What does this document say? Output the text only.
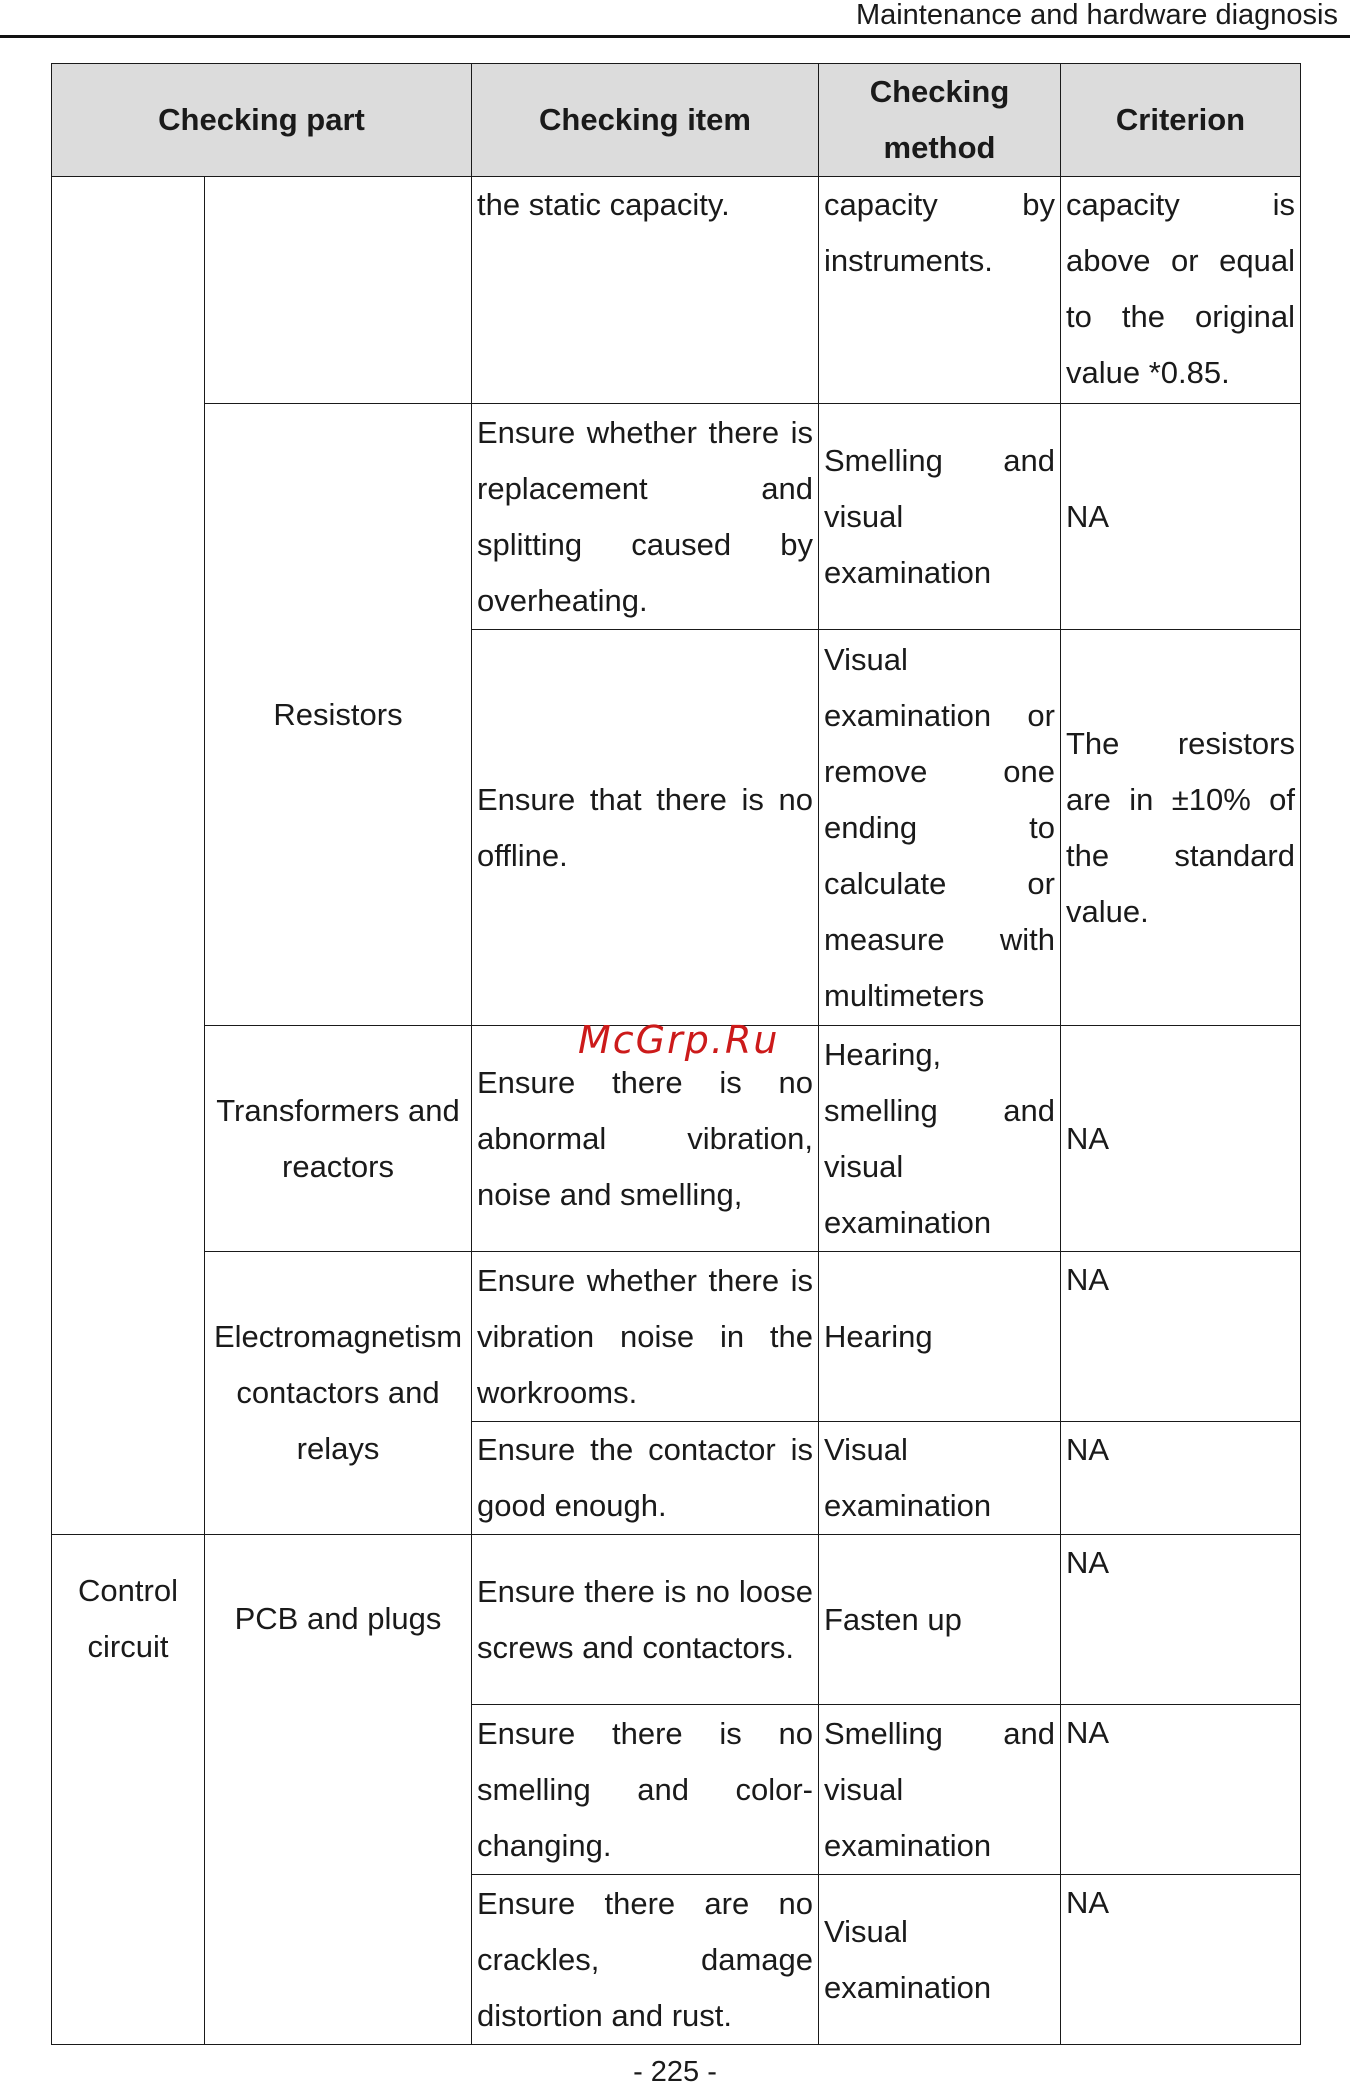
Maintenance and hardware diagnosis
Checking part		Checking item	Checking method	Criterion
		the static capacity.	capacity by instruments.	capacity is above or equal to the original value *0.85.
	Resistors	Ensure whether there is replacement and splitting caused by overheating.	Smelling and visual examination	NA
		Ensure that there is no offline.	Visual examination or remove one ending to calculate or measure with multimeters	The resistors are in ±10% of the standard value.
	Transformers and reactors	Ensure there is no abnormal vibration, noise and smelling,	Hearing, smelling and visual examination	NA
	Electromagnetism contactors and relays	Ensure whether there is vibration noise in the workrooms.	Hearing	NA
		Ensure the contactor is good enough.	Visual examination	NA

Control circuit	PCB and plugs	Ensure there is no loose screws and contactors.	Fasten up	NA
		Ensure there is no smelling and color-changing.	Smelling and visual examination	NA
		Ensure there are no crackles, damage distortion and rust.	Visual examination	NA
McGrp.Ru
- 225 -
